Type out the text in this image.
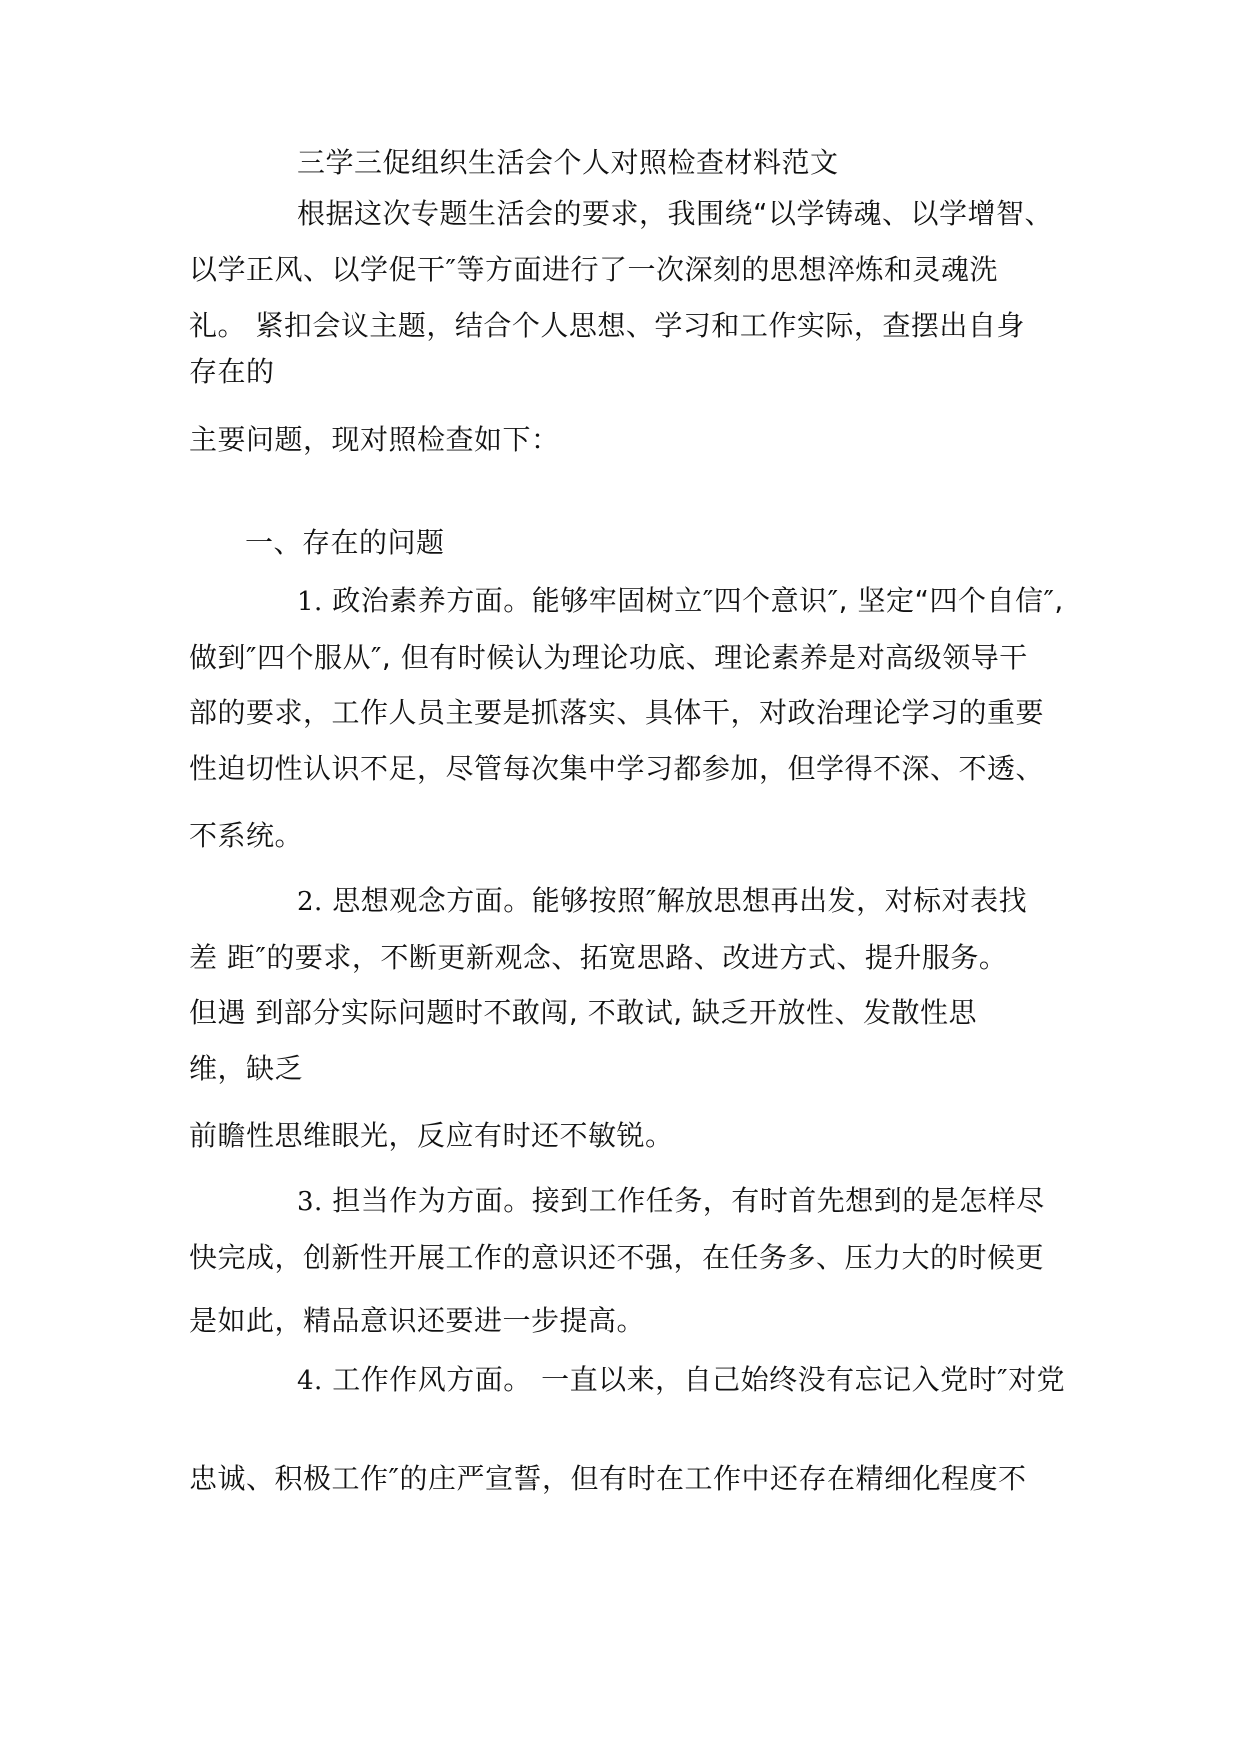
三学三促组织生活会个人对照检查材料范文
根据这次专题生活会的要求，我围绕“以学铸魂、以学增智、
以学正风、以学促干″等方面进行了一次深刻的思想淬炼和灵魂洗
礼。 紧扣会议主题，结合个人思想、学习和工作实际，查摆出自身
存在的
主要问题，现对照检查如下：
一、存在的问题
1. 政治素养方面。能够牢固树立″四个意识″, 坚定“四个自信″,
做到″四个服从″, 但有时候认为理论功底、理论素养是对高级领导干
部的要求，工作人员主要是抓落实、具体干，对政治理论学习的重要
性迫切性认识不足，尽管每次集中学习都参加，但学得不深、不透、
不系统。
2. 思想观念方面。能够按照″解放思想再出发，对标对表找
差 距″的要求，不断更新观念、拓宽思路、改进方式、提升服务。
但遇 到部分实际问题时不敢闯, 不敢试, 缺乏开放性、发散性思
维，缺乏
前瞻性思维眼光，反应有时还不敏锐。
3. 担当作为方面。接到工作任务，有时首先想到的是怎样尽
快完成，创新性开展工作的意识还不强，在任务多、压力大的时候更
是如此，精品意识还要进一步提高。
4. 工作作风方面。 一直以来，自己始终没有忘记入党时″对党
忠诚、积极工作″的庄严宣誓，但有时在工作中还存在精细化程度不
